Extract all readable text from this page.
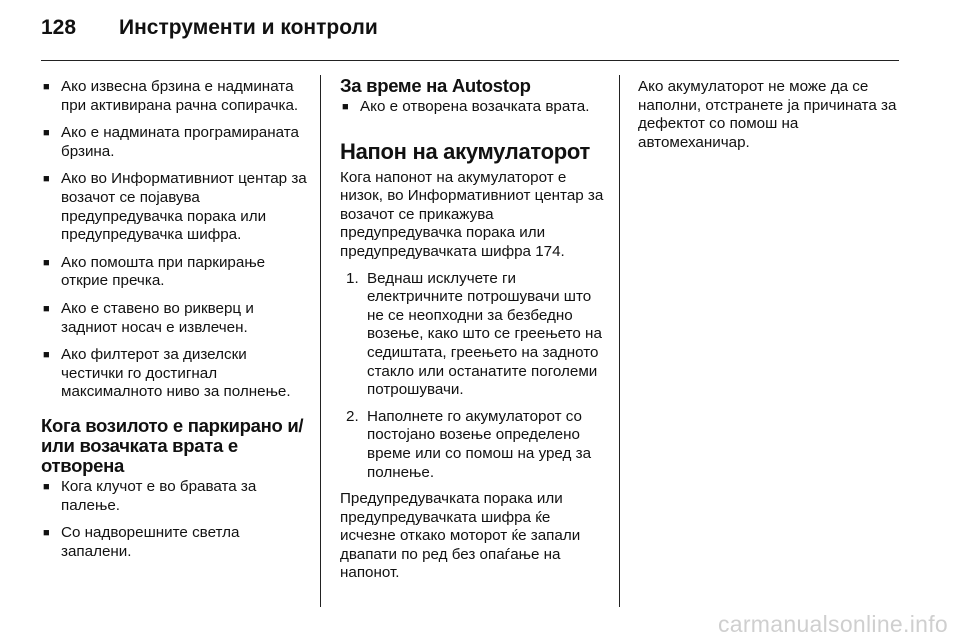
128	Инструменти и контроли
■ Ако извесна брзина е надмината при активирана рачна сопирачка.
■ Ако е надмината програмираната брзина.
■ Ако во Информативниот центар за возачот се појавува предупредувачка порака или предупредувачка шифра.
■ Ако помошта при паркирање открие пречка.
■ Ако е ставено во рикверц и задниот носач е извлечен.
■ Ако филтерот за дизелски честички го достигнал максималното ниво за полнење.
Кога возилото е паркирано и/или возачката врата е отворена
■ Кога клучот е во бравата за палење.
■ Со надворешните светла запалени.
За време на Autostop
■ Ако е отворена возачката врата.
Напон на акумулаторот

Кога напонот на акумулаторот е низок, во Информативниот центар за возачот се прикажува предупредувачка порака или предупредувачката шифра 174.

1. Веднаш исклучете ги електричните потрошувачи што не се неопходни за безбедно возење, како што се греењето на седиштата, греењето на задното стакло или останатите поголеми потрошувачи.
2. Наполнете го акумулаторот со постојано возење определено време или со помош на уред за полнење.

Предупредувачката порака или предупредувачката шифра ќе исчезне откако моторот ќе запали двапати по ред без опаѓање на напонот.

Ако акумулаторот не може да се наполни, отстранете ја причината за дефектот со помош на автомеханичар.

carmanualsonline.info
